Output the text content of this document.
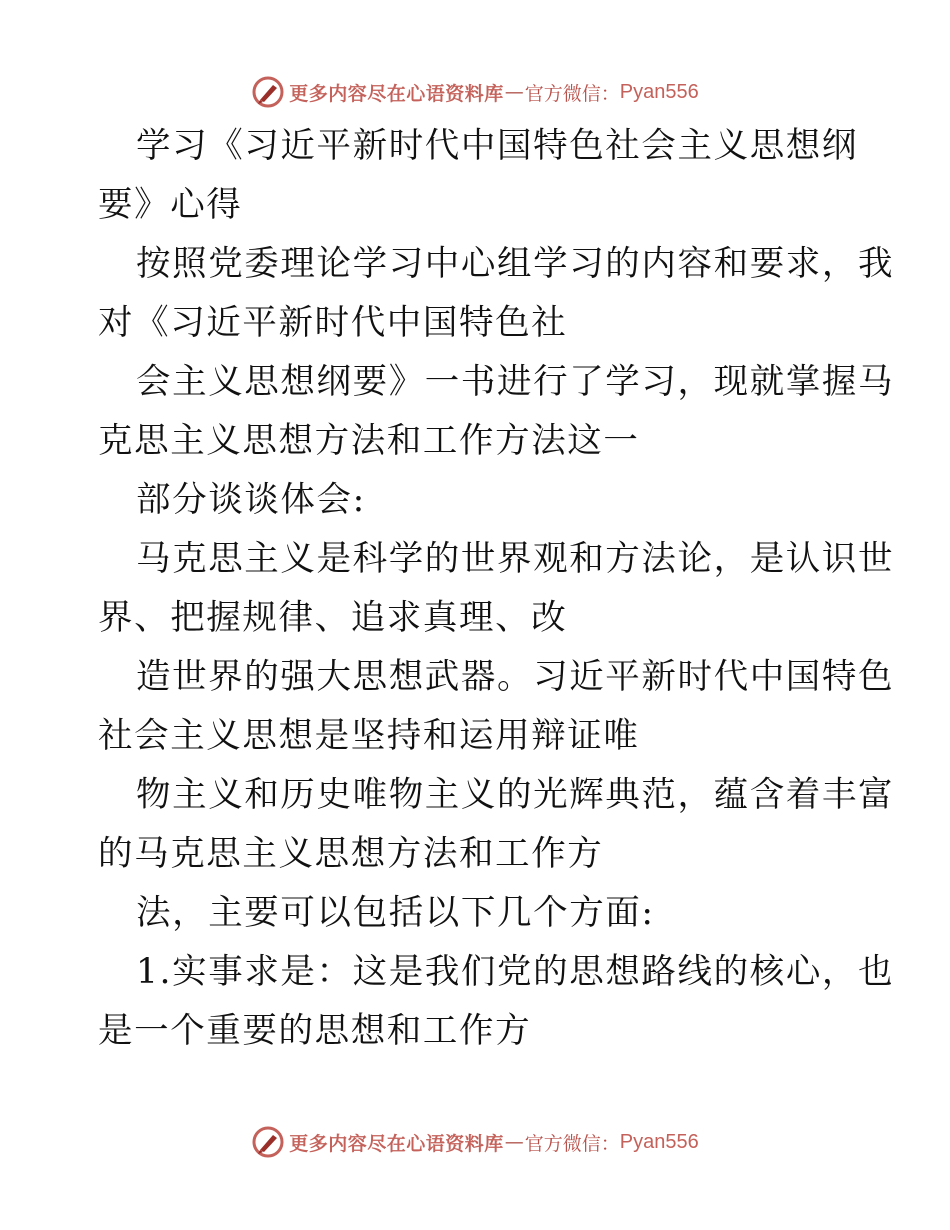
更多内容尽在心语资料库 — 官方微信： Pyan556
学习《习近平新时代中国特色社会主义思想纲
要》心得
按照党委理论学习中心组学习的内容和要求，我
对《习近平新时代中国特色社
会主义思想纲要》一书进行了学习，现就掌握马
克思主义思想方法和工作方法这一
部分谈谈体会:
马克思主义是科学的世界观和方法论，是认识世
界、把握规律、追求真理、改
造世界的强大思想武器。习近平新时代中国特色
社会主义思想是坚持和运用辩证唯
物主义和历史唯物主义的光辉典范，蕴含着丰富
的马克思主义思想方法和工作方
法，主要可以包括以下几个方面:
1.实事求是：这是我们党的思想路线的核心，也
是一个重要的思想和工作方
更多内容尽在心语资料库 — 官方微信： Pyan556
